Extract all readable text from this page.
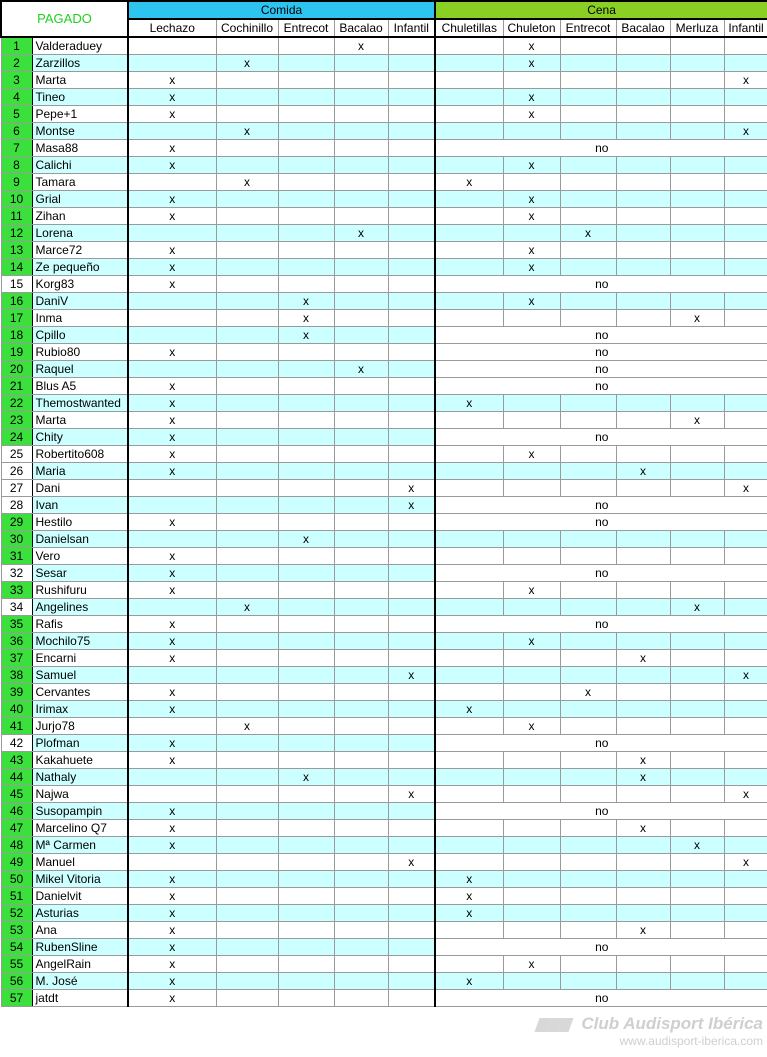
PAGADO		Comida					Cena					
		Lechazo	Cochinillo	Entrecot	Bacalao	Infantil	Chuletillas	Chuleton	Entrecot	Bacalao	Merluza	Infantil
1	Valderaduey				x			x				
2	Zarzillos		x					x				
3	Marta	x										x
4	Tineo	x						x				
5	Pepe+1	x						x				
6	Montse		x									x
7	Masa88	x					no					
8	Calichi	x						x				
9	Tamara		x				x					
10	Grial	x						x				
11	Zihan	x						x				
12	Lorena				x				x			
13	Marce72	x						x				
14	Ze pequeño	x						x				
15	Korg83	x					no					
16	DaniV			x				x				
17	Inma			x							x	
18	Cpillo			x			no					
19	Rubio80	x					no					
20	Raquel				x		no					
21	Blus A5	x					no					
22	Themostwanted	x					x					
23	Marta	x									x	
24	Chity	x					no					
25	Robertito608	x						x				
26	Maria	x								x		
27	Dani					x						x
28	Ivan					x	no					
29	Hestilo	x					no					
30	Danielsan			x								
31	Vero	x										
32	Sesar	x					no					
33	Rushifuru	x						x				
34	Angelines		x								x	
35	Rafis	x					no					
36	Mochilo75	x						x				
37	Encarni	x								x		
38	Samuel					x						x
39	Cervantes	x							x			
40	Irimax	x					x					
41	Jurjo78		x					x				
42	Plofman	x					no					
43	Kakahuete	x								x		
44	Nathaly			x						x		
45	Najwa					x						x
46	Susopampin	x					no					
47	Marcelino Q7	x								x		
48	Mª Carmen	x									x	
49	Manuel					x						x
50	Mikel Vitoria	x					x					
51	Danielvit	x					x					
52	Asturias	x					x					
53	Ana	x								x		
54	RubenSline	x					no					
55	AngelRain	x						x				
56	M. José	x					x					
57	jatdt	x					no					
Club Audisport Ibérica
www.audisport-iberica.com
